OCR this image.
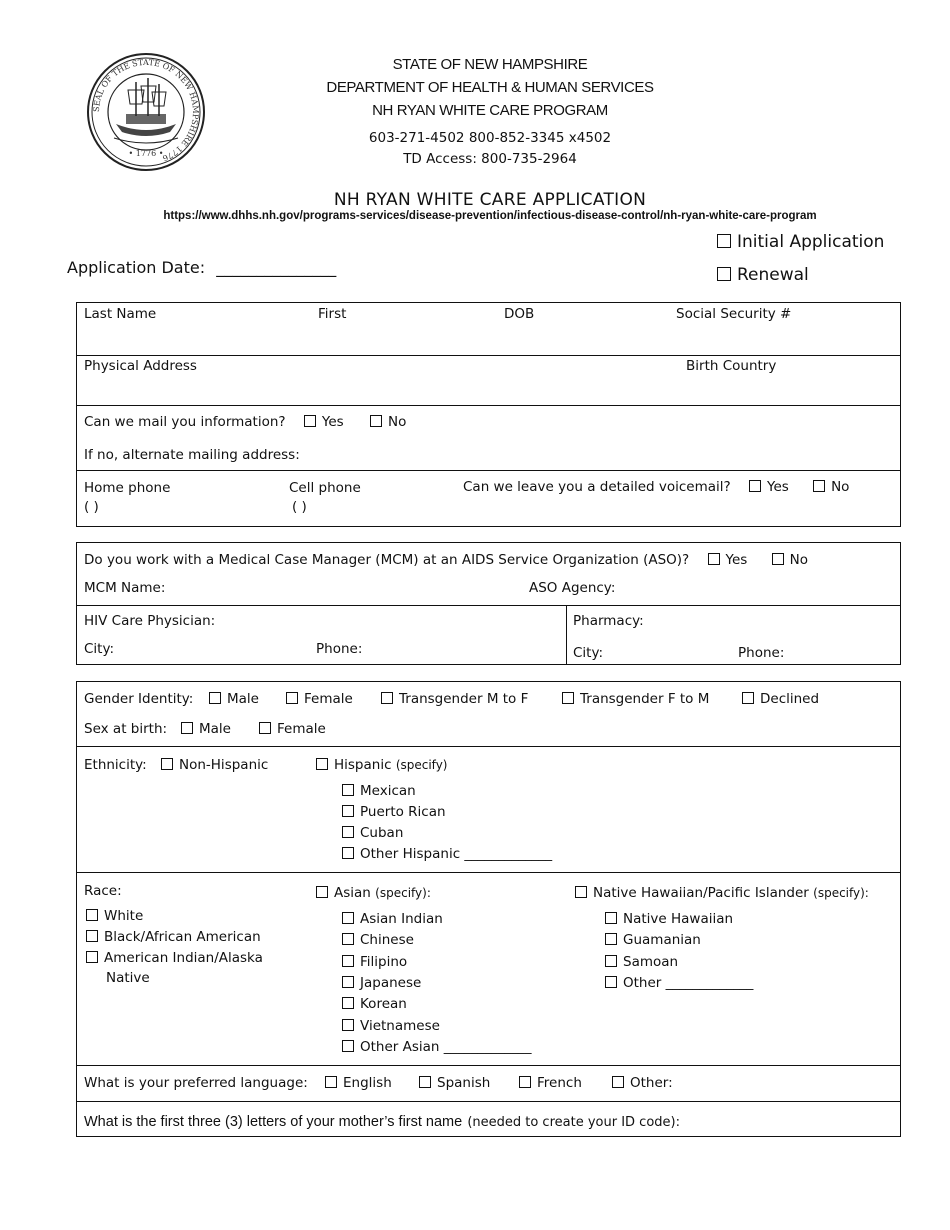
SEAL OF THE STATE OF NEW HAMPSHIRE 1776
• 1776 •
STATE OF NEW HAMPSHIRE
DEPARTMENT OF HEALTH & HUMAN SERVICES
NH RYAN WHITE CARE PROGRAM
603-271-4502 800-852-3345 x4502
TD Access: 800-735-2964
NH RYAN WHITE CARE APPLICATION
https://www.dhhs.nh.gov/programs-services/disease-prevention/infectious-disease-control/nh-ryan-white-care-program
Application Date: _______________
Initial Application
Renewal
Last Name	First	DOB	Social Security #
Physical Address	Birth Country
Can we mail you information?	Yes	No
If no, alternate mailing address:
Home phone
( )
Cell phone
( )
Can we leave you a detailed voicemail?	Yes	No
Do you work with a Medical Case Manager (MCM) at an AIDS Service Organization (ASO)?	Yes	No
MCM Name:	ASO Agency:
HIV Care Physician:
City:	Phone:
Pharmacy:
City:	Phone:
Gender Identity:	Male	Female	Transgender M to F	Transgender F to M	Declined
Sex at birth:	Male	Female
Ethnicity:	Non-Hispanic	Hispanic (specify)
Mexican
Puerto Rican
Cuban
Other Hispanic _____________
Race:
White
Black/African American
American Indian/Alaska
Native
Asian (specify):
Asian Indian
Chinese
Filipino
Japanese
Korean
Vietnamese
Other Asian _____________
Native Hawaiian/Pacific Islander (specify):
Native Hawaiian
Guamanian
Samoan
Other _____________
What is your preferred language:	English	Spanish	French	Other:
What is the first three (3) letters of your mother’s first name (needed to create your ID code):
